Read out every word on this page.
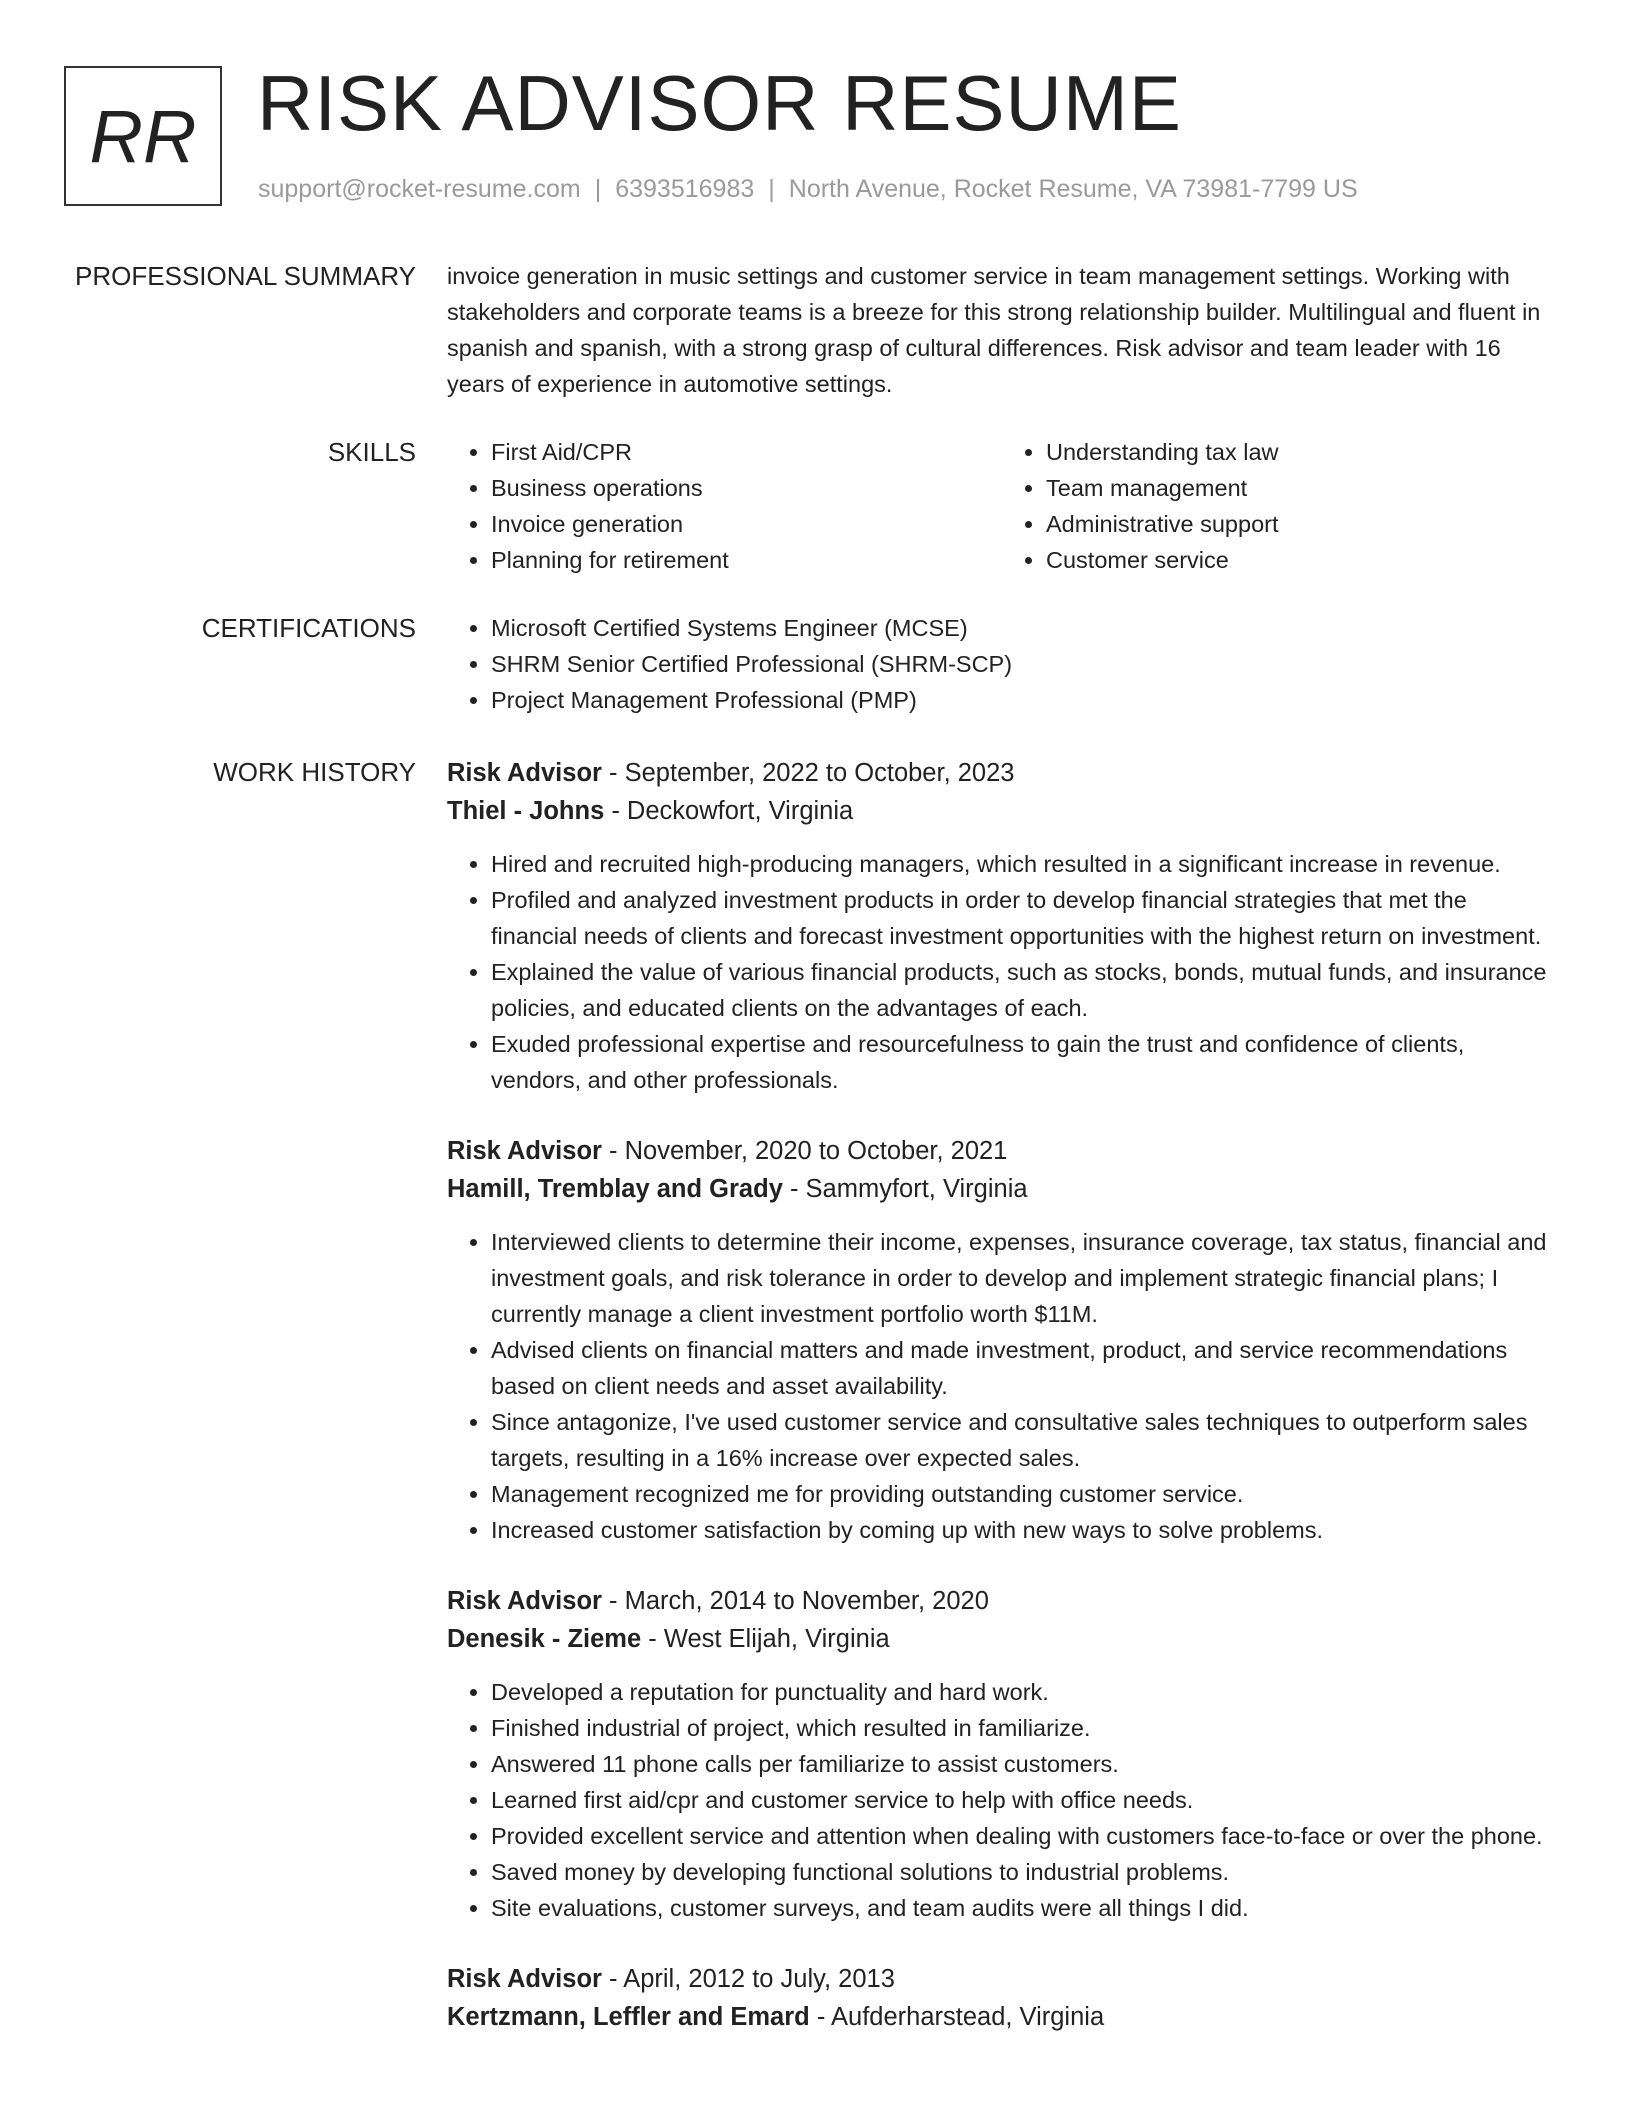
RR RISK ADVISOR RESUME
support@rocket-resume.com | 6393516983 | North Avenue, Rocket Resume, VA 73981-7799 US
PROFESSIONAL SUMMARY invoice generation in music settings and customer service in team management settings. Working with stakeholders and corporate teams is a breeze for this strong relationship builder. Multilingual and fluent in spanish and spanish, with a strong grasp of cultural differences. Risk advisor and team leader with 16 years of experience in automotive settings.

SKILLS	• First Aid/CPR
• Business operations
• Invoice generation
• Planning for retirement
• Understanding tax law
• Team management
• Administrative support
• Customer service
CERTIFICATIONS	• Microsoft Certified Systems Engineer (MCSE)
• SHRM Senior Certified Professional (SHRM-SCP)
• Project Management Professional (PMP)
WORK HISTORY Risk Advisor - September, 2022 to October, 2023
Thiel - Johns - Deckowfort, Virginia
• Hired and recruited high-producing managers, which resulted in a significant increase in revenue.
• Profiled and analyzed investment products in order to develop financial strategies that met the financial needs of clients and forecast investment opportunities with the highest return on investment.
• Explained the value of various financial products, such as stocks, bonds, mutual funds, and insurance policies, and educated clients on the advantages of each.
• Exuded professional expertise and resourcefulness to gain the trust and confidence of clients, vendors, and other professionals.
Risk Advisor - November, 2020 to October, 2021
Hamill, Tremblay and Grady - Sammyfort, Virginia
• Interviewed clients to determine their income, expenses, insurance coverage, tax status, financial and investment goals, and risk tolerance in order to develop and implement strategic financial plans; I currently manage a client investment portfolio worth $11M.
• Advised clients on financial matters and made investment, product, and service recommendations based on client needs and asset availability.
• Since antagonize, I've used customer service and consultative sales techniques to outperform sales targets, resulting in a 16% increase over expected sales.
• Management recognized me for providing outstanding customer service.
• Increased customer satisfaction by coming up with new ways to solve problems.
Risk Advisor - March, 2014 to November, 2020
Denesik - Zieme - West Elijah, Virginia
• Developed a reputation for punctuality and hard work.
• Finished industrial of project, which resulted in familiarize.
• Answered 11 phone calls per familiarize to assist customers.
• Learned first aid/cpr and customer service to help with office needs.
• Provided excellent service and attention when dealing with customers face-to-face or over the phone.
• Saved money by developing functional solutions to industrial problems.
• Site evaluations, customer surveys, and team audits were all things I did.
Risk Advisor - April, 2012 to July, 2013
Kertzmann, Leffler and Emard - Aufderharstead, Virginia
